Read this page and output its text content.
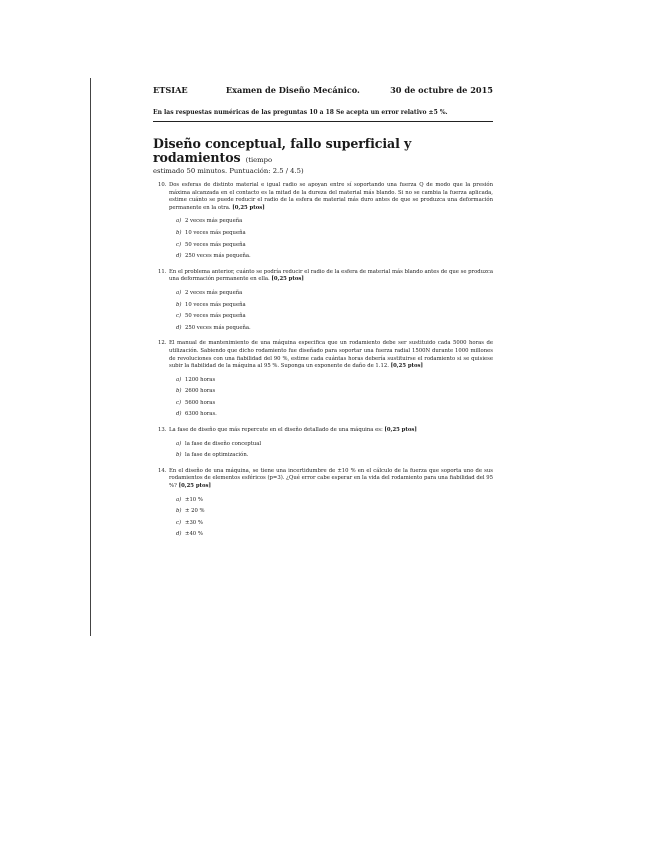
ETSIAE	Examen de Diseño Mecánico.	30 de octubre de 2015
En las respuestas numéricas de las preguntas 10 a 18 Se acepta un error relativo ±5 %.
Diseño conceptual, fallo superficial y rodamientos (tiempo
estimado 50 minutos. Puntuación: 2.5 / 4.5)
10. Dos esferas de distinto material e igual radio se apoyan entre sí soportando una fuerza Q de modo que la presión máxima alcanzada en el contacto es la mitad de la dureza del material más blando. Si no se cambia la fuerza aplicada, estime cuánto se puede reducir el radio de la esfera de material más duro antes de que se produzca una deformación permanente en la otra. [0,25 ptos]
a) 2 veces más pequeña
b) 10 veces más pequeña
c) 50 veces más pequeña
d) 250 veces más pequeña.
11. En el problema anterior, cuánto se podría reducir el radio de la esfera de material más blando antes de que se produzca una deformación permanente en ella. [0,25 ptos]
a) 2 veces más pequeña
b) 10 veces más pequeña
c) 50 veces más pequeña
d) 250 veces más pequeña.
12. El manual de mantenimiento de una máquina especifica que un rodamiento debe ser sustituido cada 5000 horas de utilización. Sabiendo que dicho rodamiento fue diseñado para soportar una fuerza radial 1500N durante 1000 millones de revoluciones con una fiabilidad del 90 %, estime cada cuántas horas debería sustituirse el rodamiento si se quisiese subir la fiabilidad de la máquina al 95 %. Suponga un exponente de daño de 1.12. [0,25 ptos]
a) 1200 horas
b) 2600 horas
c) 5600 horas
d) 6300 horas.
13. La fase de diseño que más repercute en el diseño detallado de una máquina es: [0,25 ptos]
a) la fase de diseño conceptual
b) la fase de optimización.
14. En el diseño de una máquina, se tiene una incertidumbre de ±10 % en el cálculo de la fuerza que soporta uno de sus rodamientos de elementos esféricos (p=3). ¿Qué error cabe esperar en la vida del rodamiento para una fiabilidad del 95 %? [0,25 ptos]
a) ±10 %
b) ± 20 %
c) ±30 %
d) ±40 %
